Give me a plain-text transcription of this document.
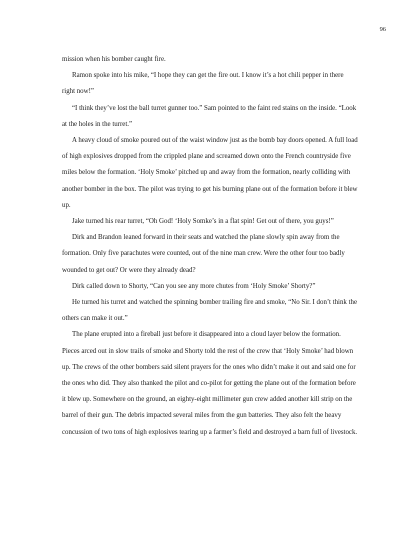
96

mission when his bomber caught fire.

Ramon spoke into his mike, “I hope they can get the fire out. I know it’s a hot chili pepper in there right now!”

“I think they’ve lost the ball turret gunner too.” Sam pointed to the faint red stains on the inside. “Look at the holes in the turret.”

A heavy cloud of smoke poured out of the waist window just as the bomb bay doors opened. A full load of high explosives dropped from the crippled plane and screamed down onto the French countryside five miles below the formation. ‘Holy Smoke’ pitched up and away from the formation, nearly colliding with another bomber in the box. The pilot was trying to get his burning plane out of the formation before it blew up.

Jake turned his rear turret, “Oh God! ‘Holy Somke’s in a flat spin! Get out of there, you guys!”

Dirk and Brandon leaned forward in their seats and watched the plane slowly spin away from the formation. Only five parachutes were counted, out of the nine man crew. Were the other four too badly wounded to get out? Or were they already dead?

Dirk called down to Shorty, “Can you see any more chutes from ‘Holy Smoke’ Shorty?”

He turned his turret and watched the spinning bomber trailing fire and smoke, “No Sir. I don’t think the others can make it out.”

The plane erupted into a fireball just before it disappeared into a cloud layer below the formation. Pieces arced out in slow trails of smoke and Shorty told the rest of the crew that ‘Holy Smoke’ had blown up. The crews of the other bombers said silent prayers for the ones who didn’t make it out and said one for the ones who did. They also thanked the pilot and co-pilot for getting the plane out of the formation before it blew up. Somewhere on the ground, an eighty-eight millimeter gun crew added another kill strip on the barrel of their gun. The debris impacted several miles from the gun batteries. They also felt the heavy concussion of two tons of high explosives tearing up a farmer’s field and destroyed a barn full of livestock.
